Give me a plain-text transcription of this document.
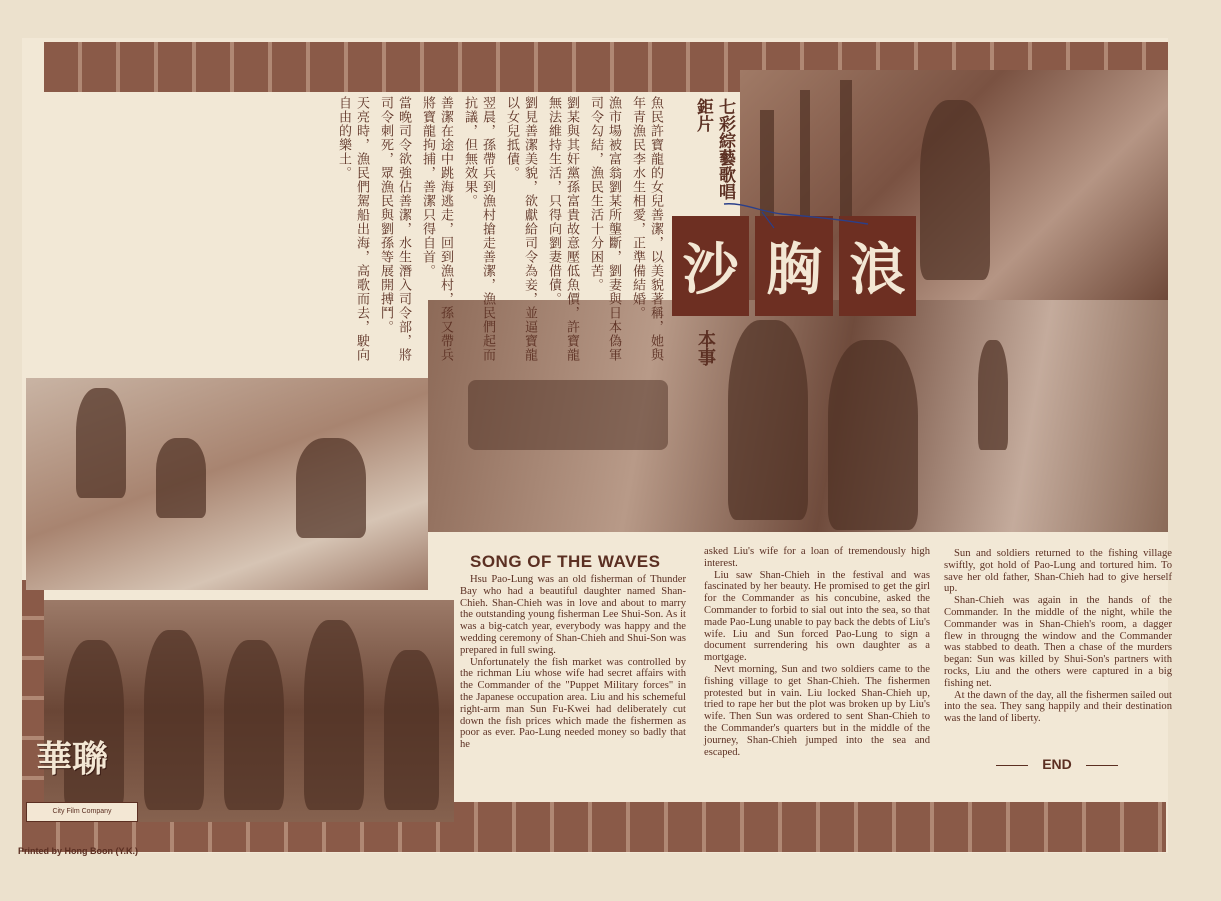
魚民許寶龍的女兒善潔，以美貌著稱，她與年青漁民李水生相愛，正準備結婚。

漁市場被富翁劉某所壟斷，劉妻與日本偽軍司令勾結，漁民生活十分困苦。

劉某與其奸黨孫富貴故意壓低魚價，許寶龍無法維持生活，只得向劉妻借債。

劉見善潔美貌，欲獻給司令為妾，並逼寶龍以女兒抵債。

翌晨，孫帶兵到漁村搶走善潔，漁民們起而抗議，但無效果。

善潔在途中跳海逃走，回到漁村，孫又帶兵將寶龍拘捕，善潔只得自首。

當晚司令欲強佔善潔，水生潛入司令部，將司令刺死，眾漁民與劉孫等展開搏鬥。

天亮時，漁民們駕船出海，高歌而去，駛向自由的樂土。	七彩綜藝歌唱鉅片
沙 胸 浪
本事
SONG OF THE WAVES

Hsu Pao-Lung was an old fisherman of Thunder Bay who had a beautiful daughter named Shan-Chieh. Shan-Chieh was in love and about to marry the outstanding young fisherman Lee Shui-Son. As it was a big-catch year, everybody was happy and the wedding ceremony of Shan-Chieh and Shui-Son was prepared in full swing.

Unfortunately the fish market was controlled by the richman Liu whose wife had secret affairs with the Commander of the "Puppet Military forces" in the Japanese occupation area. Liu and his schemeful right-arm man Sun Fu-Kwei had deliberately cut down the fish prices which made the fishermen as poor as ever. Pao-Lung needed money so badly that he

asked Liu's wife for a loan of tremendously high interest.

Liu saw Shan-Chieh in the festival and was fascinated by her beauty. He promised to get the girl for the Commander as his concubine, asked the Commander to forbid to sial out into the sea, so that made Pao-Lung unable to pay back the debts of Liu's wife. Liu and Sun forced Pao-Lung to sign a document surrendering his own daughter as a mortgage.

Nevt morning, Sun and two soldiers came to the fishing village to get Shan-Chieh. The fishermen protested but in vain. Liu locked Shan-Chieh up, tried to rape her but the plot was broken up by Liu's wife. Then Sun was ordered to sent Shan-Chieh to the Commander's quarters but in the middle of the journey, Shan-Chieh jumped into the sea and escaped.

Sun and soldiers returned to the fishing village swiftly, got hold of Pao-Lung and tortured him. To save her old father, Shan-Chieh had to give herself up.

Shan-Chieh was again in the hands of the Commander. In the middle of the night, while the Commander was in Shan-Chieh's room, a dagger flew in througng the window and the Commander was stabbed to death. Then a chase of the murders began: Sun was killed by Shui-Son's partners with rocks, Liu and the others were captured in a big fishing net.

At the dawn of the day, all the fishermen sailed out into the sea. They sang happily and their destination was the land of liberty.

END
華聯
City Film Company
Printed by Hong Boon (Y.K.)
